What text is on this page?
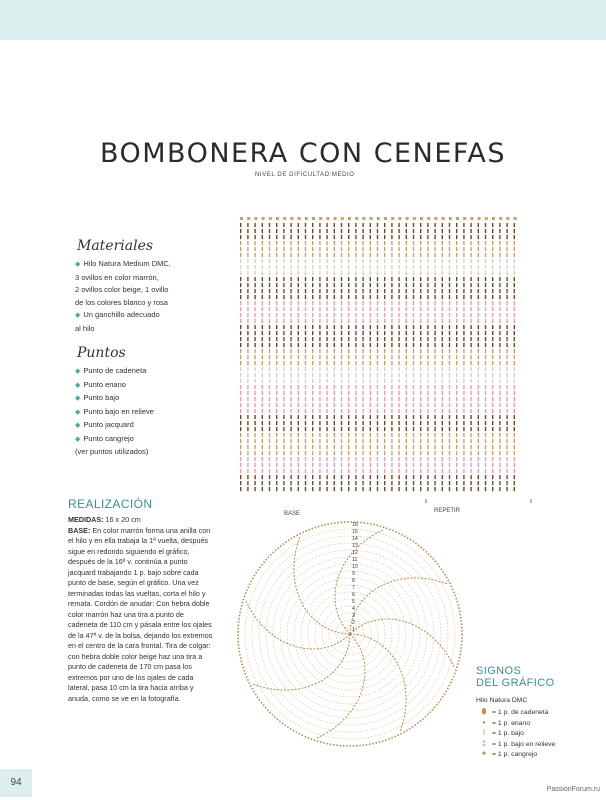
BOMBONERA CON CENEFAS
NIVEL DE DIFICULTAD:MEDIO
Materiales
◆ Hilo Natura Medium DMC,
3 ovillos en color marrón,
2 ovillos color beige, 1 ovillo
de los colores blanco y rosa
◆ Un ganchillo adecuado
al hilo
Puntos
◆ Punto de cadeneta
◆ Punto enano
◆ Punto bajo
◆ Punto bajo en relieve
◆ Punto jacquard
◆ Punto cangrejo
(ver puntos utilizados)
REALIZACIÓN
MEDIDAS: 16 x 20 cm
BASE: En color marrón forma una anilla con el hilo y en ella trabaja la 1ª vuelta, después sigue en redondo siguiendo el gráfico, después de la 16ª v. continúa a punto jacquard trabajando 1 p. bajo sobre cada punto de base, según el gráfico. Una vez terminadas todas las vueltas, corta el hilo y remata. Cordón de anudar: Con hebra doble color marrón haz una tira a punto de cadeneta de 110 cm y pásala entre los ojales de la 47ª v. de la bolsa, dejando los extremos en el centro de la cara frontal. Tira de colgar: con hebra doble color beige haz una tira a punto de cadeneta de 170 cm pasa los extremos por uno de los ojales de cada lateral, pasa 10 cm la tira hacia arriba y anuda, como se ve en la fotografía.
REPETIR
BASE
16
15
14
13
12
11
10
9
8
7
6
5
4
3
2
1
SIGNOS
DEL GRÁFICO
Hilo Natura DMC
⬮ = 1 p. de cadeneta
• = 1 p. enano
ǀ = 1 p. bajo
‡ = 1 p. bajo en relieve
✦ = 1 p. cangrejo
94
PassionForum.ru
